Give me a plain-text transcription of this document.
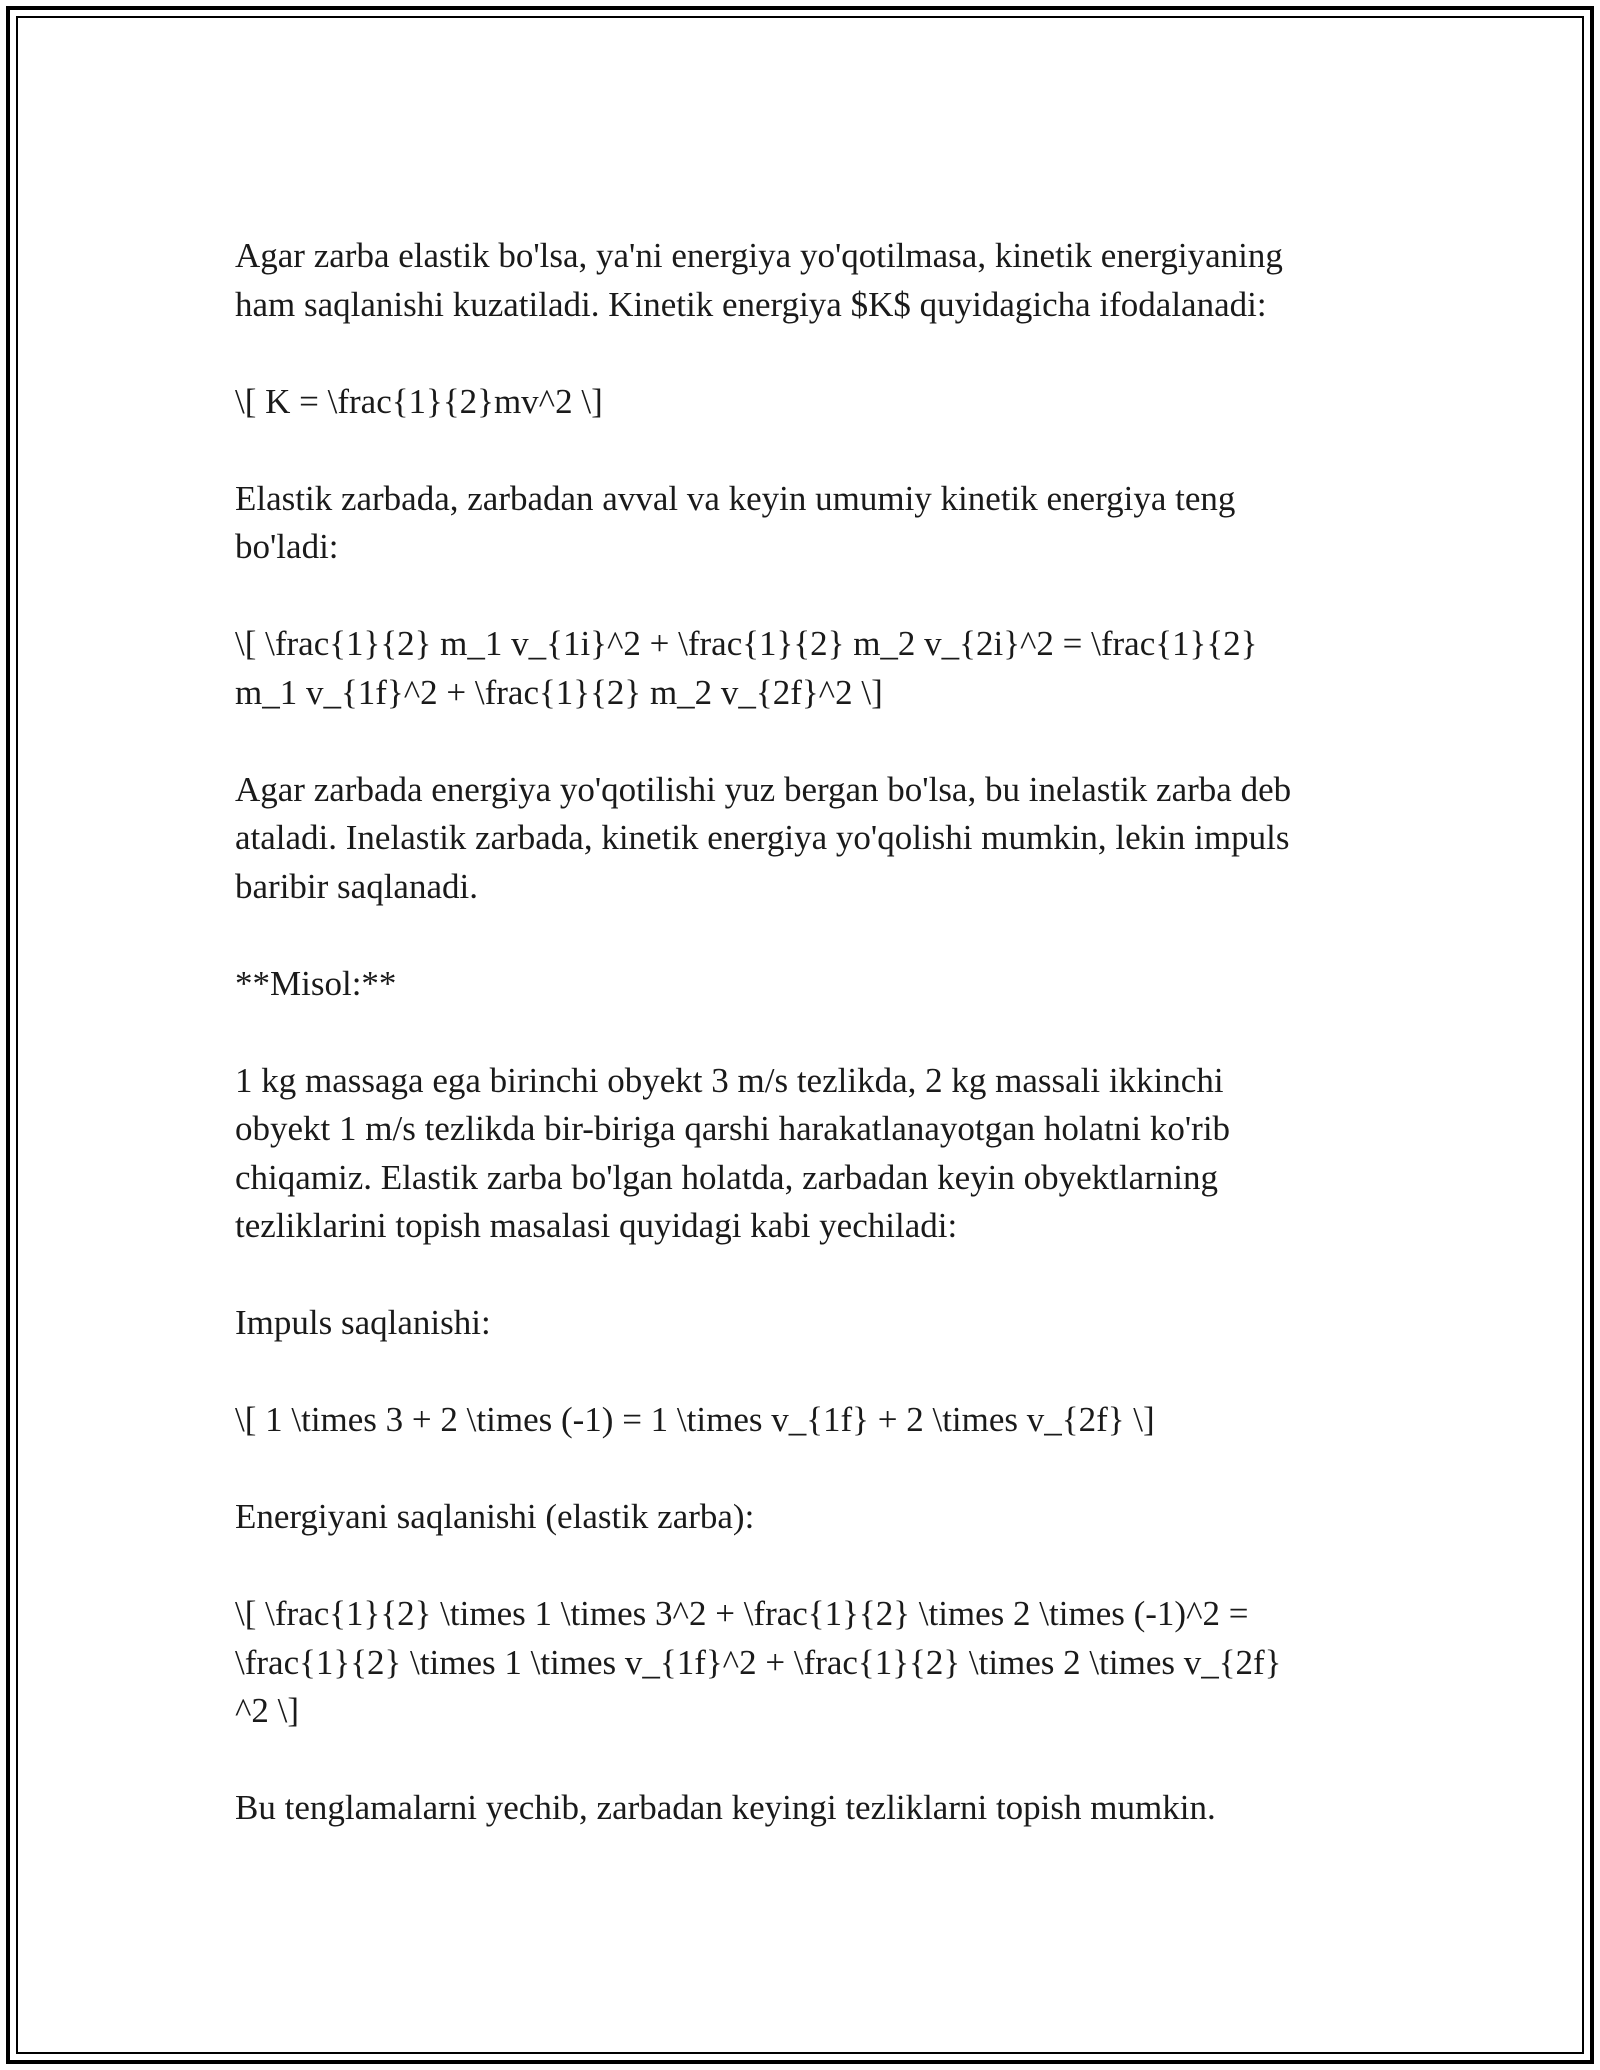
Agar zarba elastik bo'lsa, ya'ni energiya yo'qotilmasa, kinetik energiyaning
ham saqlanishi kuzatiladi. Kinetik energiya $K$ quyidagicha ifodalanadi:

\[ K = \frac{1}{2}mv^2 \]

Elastik zarbada, zarbadan avval va keyin umumiy kinetik energiya teng
bo'ladi:

\[ \frac{1}{2} m_1 v_{1i}^2 + \frac{1}{2} m_2 v_{2i}^2 = \frac{1}{2}
m_1 v_{1f}^2 + \frac{1}{2} m_2 v_{2f}^2 \]

Agar zarbada energiya yo'qotilishi yuz bergan bo'lsa, bu inelastik zarba deb
ataladi. Inelastik zarbada, kinetik energiya yo'qolishi mumkin, lekin impuls
baribir saqlanadi.

**Misol:**

1 kg massaga ega birinchi obyekt 3 m/s tezlikda, 2 kg massali ikkinchi
obyekt 1 m/s tezlikda bir-biriga qarshi harakatlanayotgan holatni ko'rib
chiqamiz. Elastik zarba bo'lgan holatda, zarbadan keyin obyektlarning
tezliklarini topish masalasi quyidagi kabi yechiladi:

Impuls saqlanishi:

\[ 1 \times 3 + 2 \times (-1) = 1 \times v_{1f} + 2 \times v_{2f} \]

Energiyani saqlanishi (elastik zarba):

\[ \frac{1}{2} \times 1 \times 3^2 + \frac{1}{2} \times 2 \times (-1)^2 =
\frac{1}{2} \times 1 \times v_{1f}^2 + \frac{1}{2} \times 2 \times v_{2f}
^2 \]

Bu tenglamalarni yechib, zarbadan keyingi tezliklarni topish mumkin.
